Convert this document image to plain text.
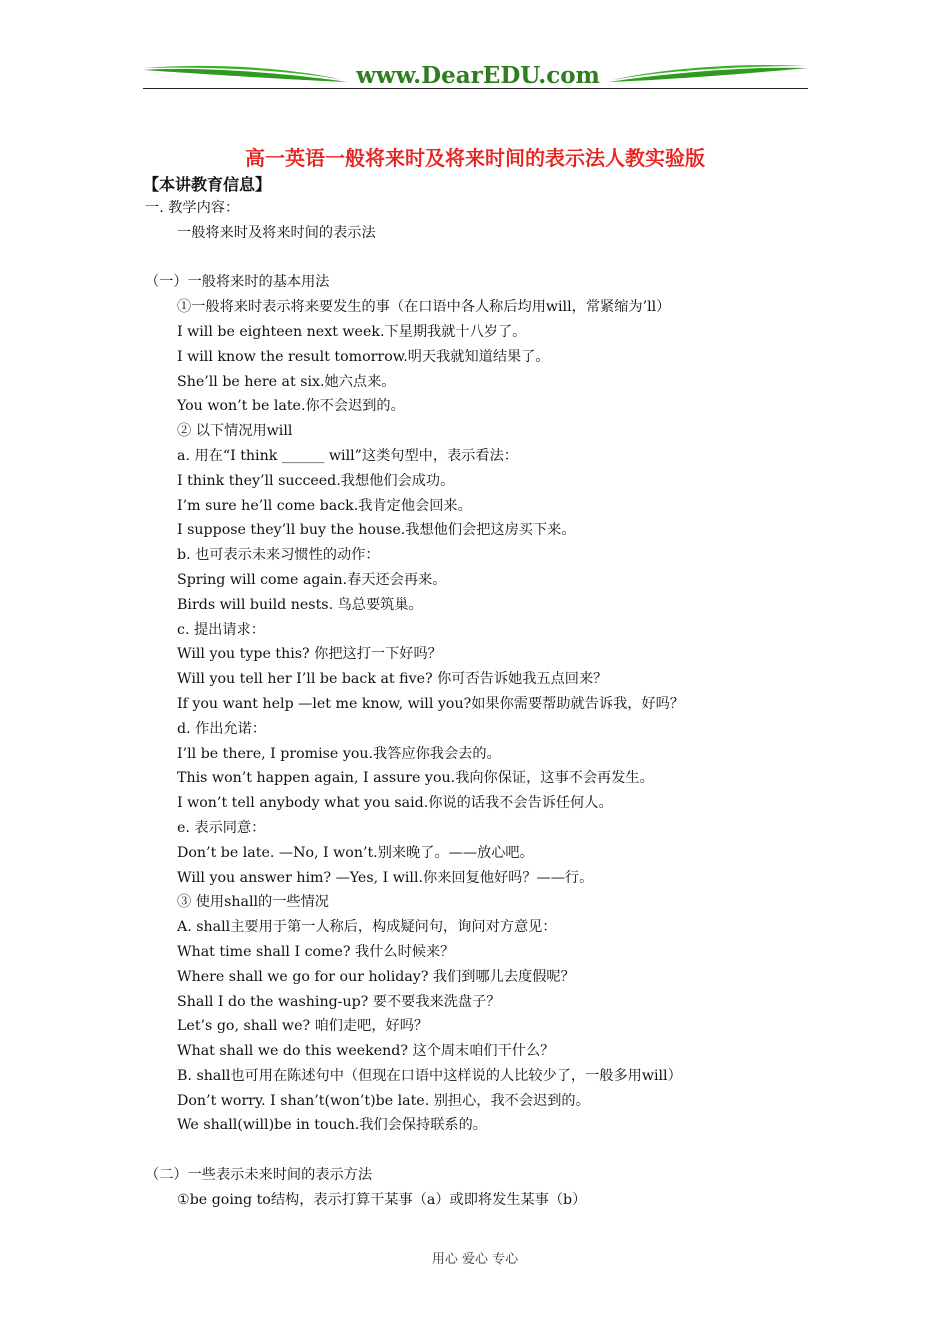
www.DearEDU.com
高一英语一般将来时及将来时间的表示法人教实验版
【本讲教育信息】
一. 教学内容：
一般将来时及将来时间的表示法
（一）一般将来时的基本用法
①一般将来时表示将来要发生的事（在口语中各人称后均用will，常紧缩为’ll）
I will be eighteen next week.下星期我就十八岁了。
I will know the result tomorrow.明天我就知道结果了。
She’ll be here at six.她六点来。
You won’t be late.你不会迟到的。
② 以下情况用will
a. 用在“I think ______ will”这类句型中，表示看法：
I think they’ll succeed.我想他们会成功。
I’m sure he’ll come back.我肯定他会回来。
I suppose they’ll buy the house.我想他们会把这房买下来。
b. 也可表示未来习惯性的动作：
Spring will come again.春天还会再来。
Birds will build nests. 鸟总要筑巢。
c. 提出请求：
Will you type this? 你把这打一下好吗？
Will you tell her I’ll be back at five? 你可否告诉她我五点回来？
If you want help —let me know, will you?如果你需要帮助就告诉我，好吗？
d. 作出允诺：
I’ll be there, I promise you.我答应你我会去的。
This won’t happen again, I assure you.我向你保证，这事不会再发生。
I won’t tell anybody what you said.你说的话我不会告诉任何人。
e. 表示同意：
Don’t be late. —No, I won’t.别来晚了。——放心吧。
Will you answer him? —Yes, I will.你来回复他好吗？——行。
③ 使用shall的一些情况
A. shall主要用于第一人称后，构成疑问句，询问对方意见：
What time shall I come? 我什么时候来？
Where shall we go for our holiday? 我们到哪儿去度假呢？
Shall I do the washing-up? 要不要我来洗盘子？
Let’s go, shall we? 咱们走吧，好吗？
What shall we do this weekend? 这个周末咱们干什么？
B. shall也可用在陈述句中（但现在口语中这样说的人比较少了，一般多用will）
Don’t worry. I shan’t(won’t)be late. 别担心，我不会迟到的。
We shall(will)be in touch.我们会保持联系的。
（二）一些表示未来时间的表示方法
①be going to结构，表示打算干某事（a）或即将发生某事（b）
用心 爱心 专心
